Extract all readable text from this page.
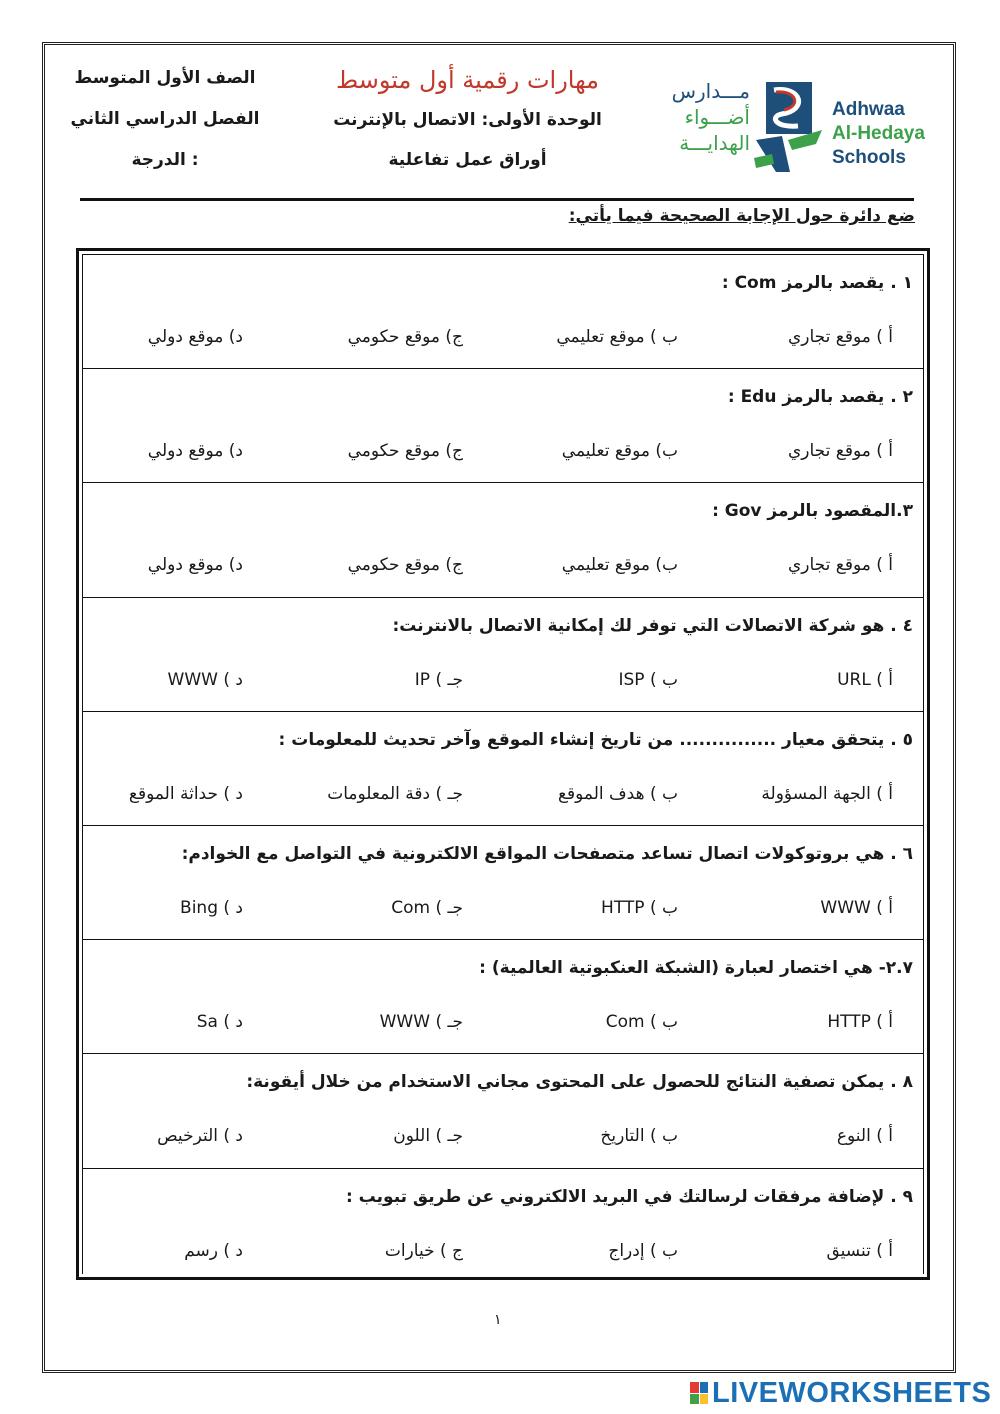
الصف الأول المتوسط
الفصل الدراسي الثاني
الدرجة :
مهارات رقمية أول متوسط
الوحدة الأولى: الاتصال بالإنترنت
أوراق عمل تفاعلية
مـــدارس
أضـــواء
الهدايـــة
Adhwaa
Al-Hedaya
Schools
ضع دائرة حول الإجابة الصحيحة فيما يأتي:
١ . يقصد بالرمز Com :
أ ) موقع تجاري
ب ) موقع تعليمي
ج) موقع حكومي
د) موقع دولي
٢ . يقصد بالرمز Edu :
أ ) موقع تجاري
ب) موقع تعليمي
ج) موقع حكومي
د) موقع دولي
٣.المقصود بالرمز Gov :
أ ) موقع تجاري
ب) موقع تعليمي
ج) موقع حكومي
د) موقع دولي
٤ . هو شركة الاتصالات التي توفر لك إمكانية الاتصال بالانترنت:
أ ) URL
ب ) ISP
جـ ) IP
د ) WWW
٥ . يتحقق معيار ............... من تاريخ إنشاء الموقع وآخر تحديث للمعلومات :
أ ) الجهة المسؤولة
ب ) هدف الموقع
جـ ) دقة المعلومات
د ) حداثة الموقع
٦ . هي بروتوكولات اتصال تساعد متصفحات المواقع الالكترونية في التواصل مع الخوادم:
أ ) WWW
ب ) HTTP
جـ ) Com
د ) Bing
٢.٧- هي اختصار لعبارة (الشبكة العنكبوتية العالمية) :
أ ) HTTP
ب ) Com
جـ ) WWW
د ) Sa
٨ . يمكن تصفية النتائج للحصول على المحتوى مجاني الاستخدام من خلال أيقونة:
أ ) النوع
ب ) التاريخ
جـ ) اللون
د ) الترخيص
٩ . لإضافة مرفقات لرسالتك في البريد الالكتروني عن طريق تبويب :
أ ) تنسيق
ب ) إدراج
ج ) خيارات
د ) رسم
١
LIVEWORKSHEETS
